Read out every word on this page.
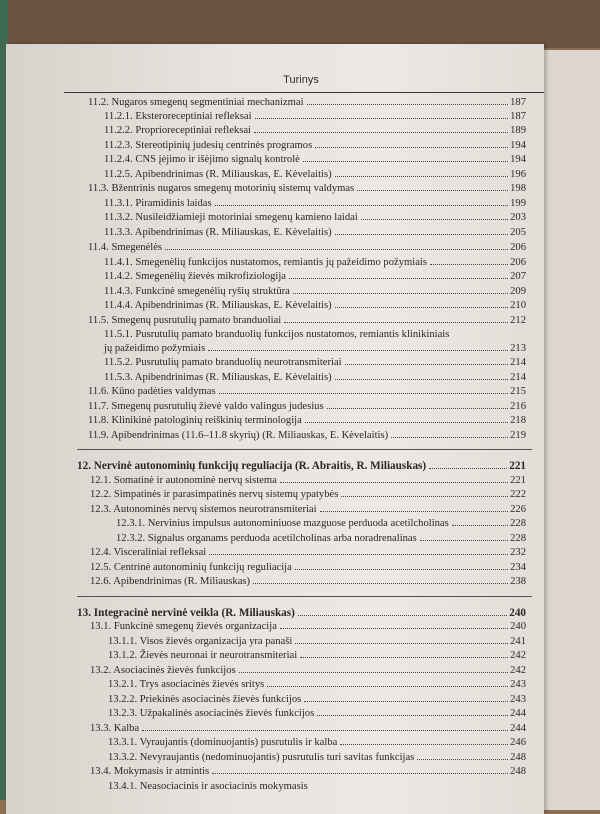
Turinys
11.2. Nugaros smegenų segmentiniai mechanizmai	187
11.2.1. Eksteroreceptiniai refleksai	187
11.2.2. Proprioreceptiniai refleksai	189
11.2.3. Stereotipinių judesių centrinės programos	194
11.2.4. CNS įėjimo ir išėjimo signalų kontrolė	194
11.2.5. Apibendrinimas (R. Miliauskas, E. Kėvelaitis)	196
11.3. Bžentrinis nugaros smegenų motorinių sistemų valdymas	198
11.3.1. Piramidinis laidas	199
11.3.2. Nusileidžiamieji motoriniai smegenų kamieno laidai	203
11.3.3. Apibendrinimas (R. Miliauskas, E. Kėvelaitis)	205
11.4. Smegenėlės	206
11.4.1. Smegenėlių funkcijos nustatomos, remiantis jų pažeidimo požymiais	206
11.4.2. Smegenėlių žievės mikrofiziologija	207
11.4.3. Funkcinė smegenėlių ryšių struktūra	209
11.4.4. Apibendrinimas (R. Miliauskas, E. Kėvelaitis)	210
11.5. Smegenų pusrutulių pamato branduoliai	212
11.5.1. Pusrutulių pamato branduolių funkcijos nustatomos, remiantis klinikiniais
jų pažeidimo požymiais	213
11.5.2. Pusrutulių pamato branduolių neurotransmiteriai	214
11.5.3. Apibendrinimas (R. Miliauskas, E. Kėvelaitis)	214
11.6. Kūno padėties valdymas	215
11.7. Smegenų pusrutulių žievė valdo valingus judesius	216
11.8. Klinikinė patologinių reiškinių terminologija	218
11.9. Apibendrinimas (11.6–11.8 skyrių) (R. Miliauskas, E. Kėvelaitis)	219
12. Nervinė autonominių funkcijų reguliacija (R. Abraitis, R. Miliauskas)	221
12.1. Somatinė ir autonominė nervų sistema	221
12.2. Simpatinės ir parasimpatinės nervų sistemų ypatybės	222
12.3. Autonominės nervų sistemos neurotransmiteriai	226
12.3.1. Nervinius impulsus autonominiuose mazguose perduoda acetilcholinas	228
12.3.2. Signalus organams perduoda acetilcholinas arba noradrenalinas	228
12.4. Visceraliniai refleksai	232
12.5. Centrinė autonominių funkcijų reguliacija	234
12.6. Apibendrinimas (R. Miliauskas)	238
13. Integracinė nervinė veikla (R. Miliauskas)	240
13.1. Funkcinė smegenų žievės organizacija	240
13.1.1. Visos žievės organizacija yra panaši	241
13.1.2. Žievės neuronai ir neurotransmiteriai	242
13.2. Asociacinės žievės funkcijos	242
13.2.1. Trys asociacinės žievės sritys	243
13.2.2. Priekinės asociacinės žievės funkcijos	243
13.2.3. Užpakalinės asociacinės žievės funkcijos	244
13.3. Kalba	244
13.3.1. Vyraujantis (dominuojantis) pusrutulis ir kalba	246
13.3.2. Nevyraujantis (nedominuojantis) pusrutulis turi savitas funkcijas	248
13.4. Mokymasis ir atmintis	248
13.4.1. Neasociacinis ir asociacinis mokymasis
